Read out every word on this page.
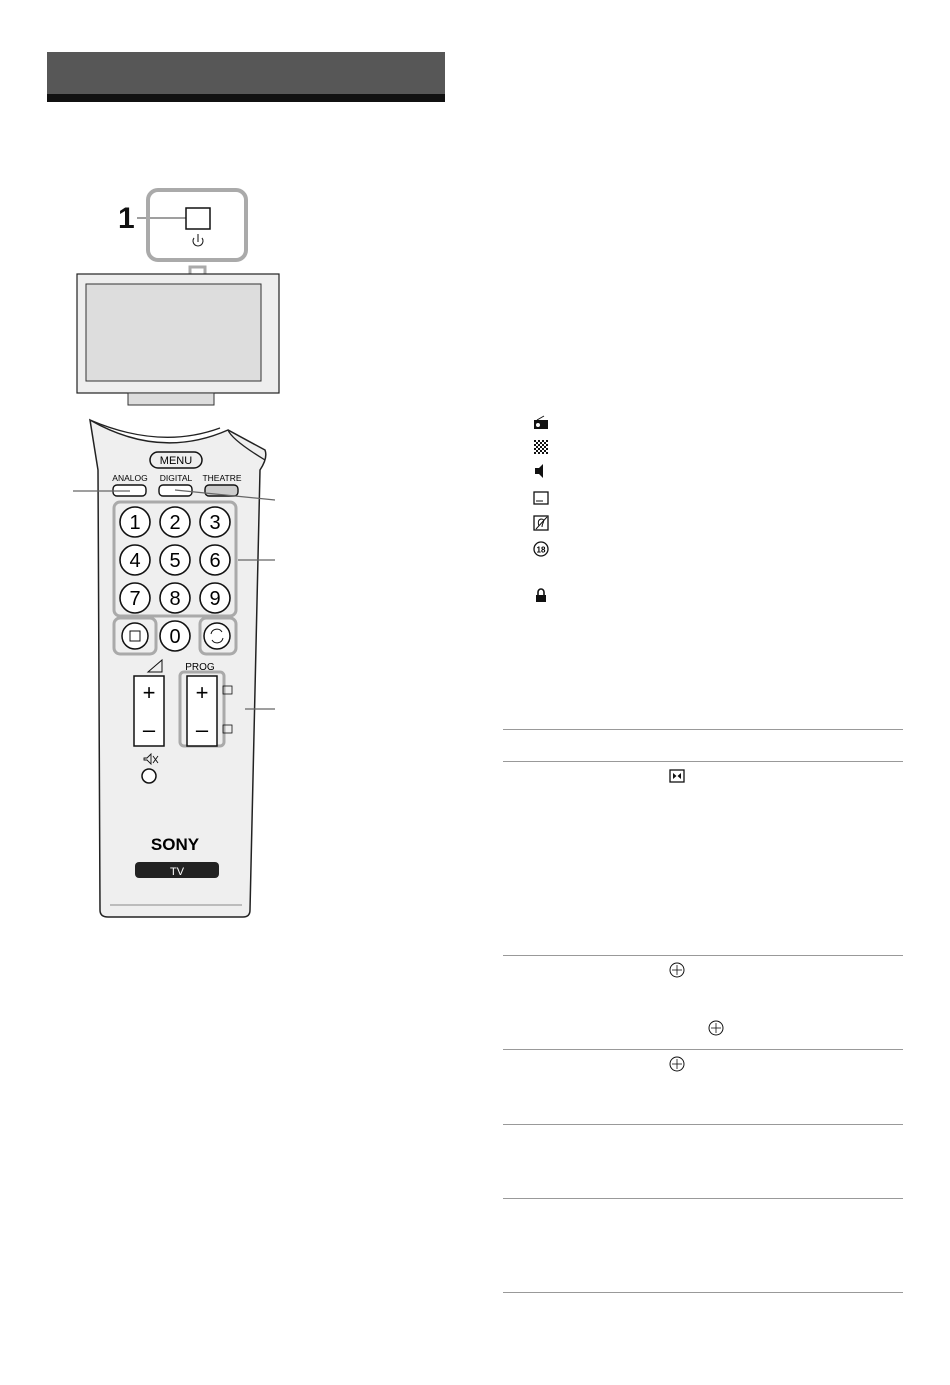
1
MENU
ANALOG DIGITAL THEATRE
1 2 3
4 5 6
7 8 9
0
PROG
+
–
+
–
SONY
TV
18
